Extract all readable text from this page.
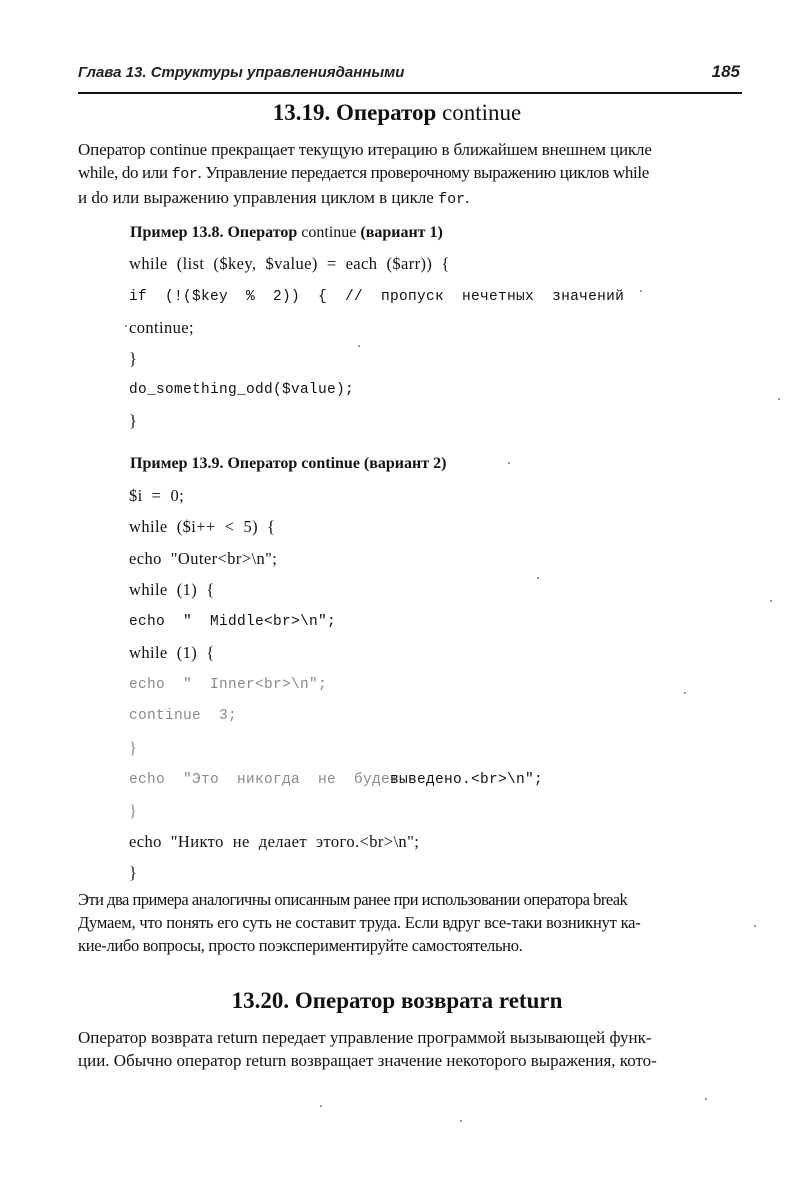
Глава 13. Структуры управленияданными	185
13.19. Оператор continue
Оператор continue прекращает текущую итерацию в ближайшем внешнем цикле
while, do или for. Управление передается проверочному выражению циклов while
и do или выражению управления циклом в цикле for.
Пример 13.8. Оператор continue (вариант 1)
while  (list  ($key,  $value)  =  each  ($arr))  {
if  (!($key  %  2))  {  //  пропуск  нечетных  значений
continue;
}
do_something_odd($value);
}
Пример 13.9. Оператор continue (вариант 2)
$i  =  0;
while  ($i++  <  5)  {
echo  "Outer<br>\n";
while  (1)  {
echo  "  Middle<br>\n";
while  (1)  {
echo  "  Inner<br>\n";
continue  3;
}
echo  "Это  никогда  не  будет
выведено.<br>\n";
}
echo  "Никто  не  делает  этого.<br>\n";
}
Эти два примера аналогичны описанным ранее при использовании оператора break
Думаем, что понять его суть не составит труда. Если вдруг все-таки возникнут ка-
кие-либо вопросы, просто поэкспериментируйте самостоятельно.
13.20. Оператор возврата return
Оператор возврата return передает управление программой вызывающей функ-
ции. Обычно оператор return возвращает значение некоторого выражения, кото-
